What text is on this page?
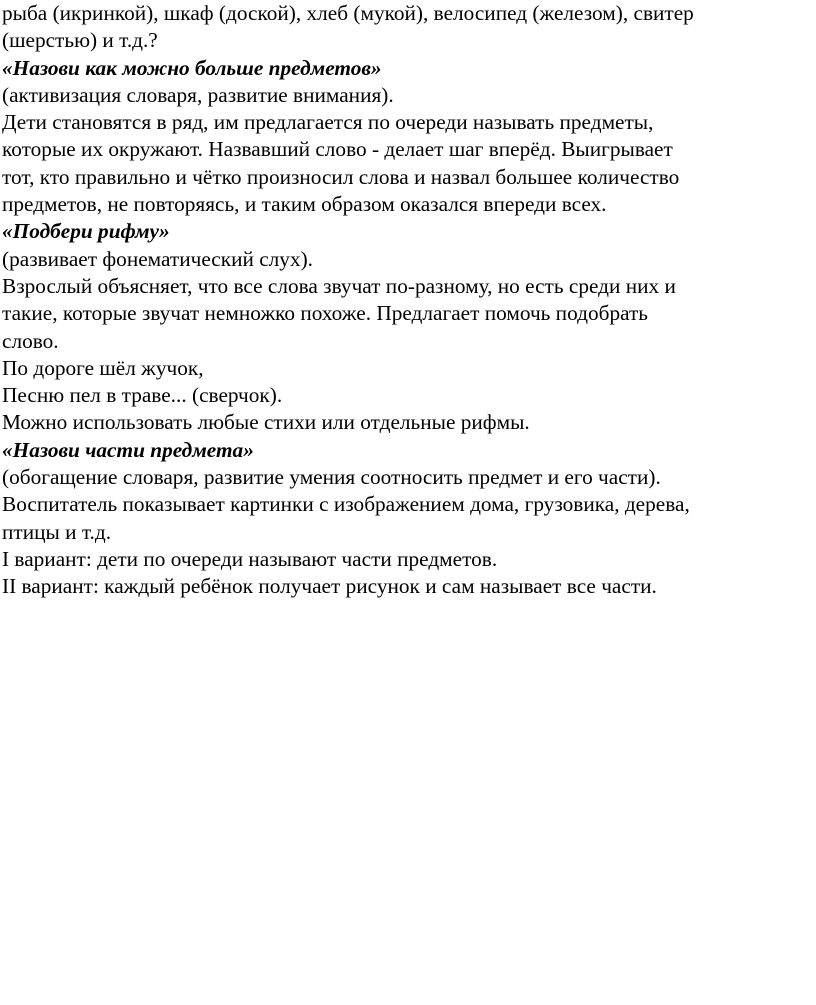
рыба (икринкой), шкаф (доской), хлеб (мукой), велосипед (железом), свитер
(шерстью) и т.д.?
«Назови как можно больше предметов»
(активизация словаря, развитие внимания).
Дети становятся в ряд, им предлагается по очереди называть предметы,
которые их окружают. Назвавший слово - делает шаг вперёд. Выигрывает
тот, кто правильно и чётко произносил слова и назвал большее количество
предметов, не повторяясь, и таким образом оказался впереди всех.
«Подбери рифму»
(развивает фонематический слух).
Взрослый объясняет, что все слова звучат по-разному, но есть среди них и
такие, которые звучат немножко похоже. Предлагает помочь подобрать
слово.
По дороге шёл жучок,
Песню пел в траве... (сверчок).
Можно использовать любые стихи или отдельные рифмы.
«Назови части предмета»
(обогащение словаря, развитие умения соотносить предмет и его части).
Воспитатель показывает картинки с изображением дома, грузовика, дерева,
птицы и т.д.
I вариант: дети по очереди называют части предметов.
II вариант: каждый ребёнок получает рисунок и сам называет все части.
